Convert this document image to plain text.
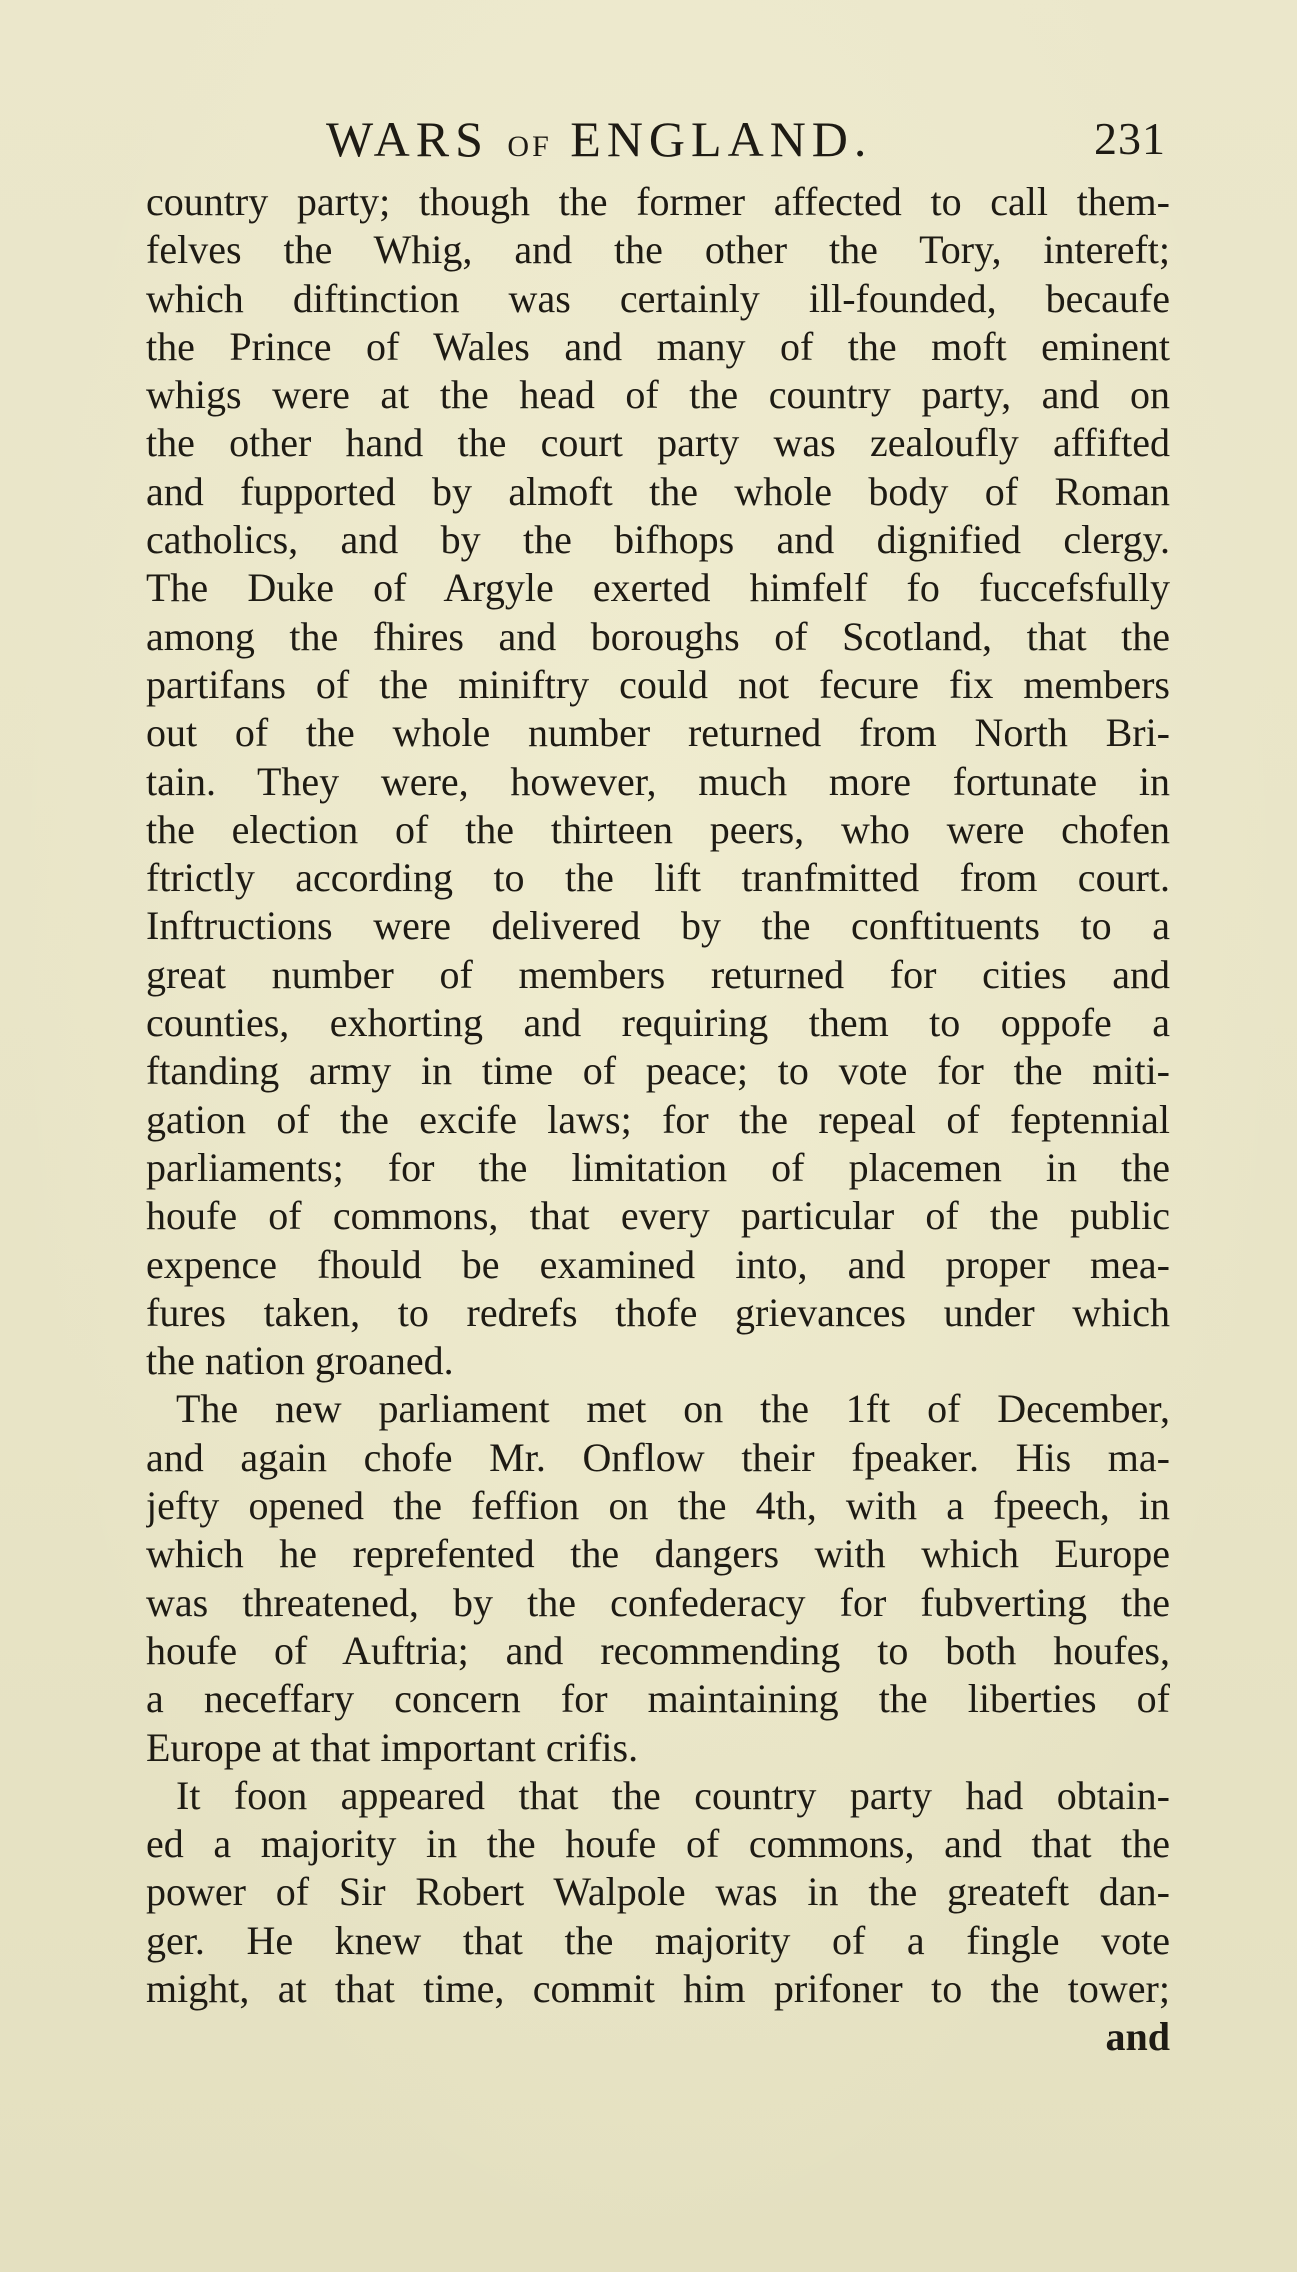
WARS OF ENGLAND.	231
country party; though the former affected to call them-
felves the Whig, and the other the Tory, intereft;
which diftinction was certainly ill-founded, becaufe
the Prince of Wales and many of the moft eminent
whigs were at the head of the country party, and on
the other hand the court party was zealoufly affifted
and fupported by almoft the whole body of Roman
catholics, and by the bifhops and dignified clergy.
The Duke of Argyle exerted himfelf fo fuccefsfully
among the fhires and boroughs of Scotland, that the
partifans of the miniftry could not fecure fix members
out of the whole number returned from North Bri-
tain. They were, however, much more fortunate in
the election of the thirteen peers, who were chofen
ftrictly according to the lift tranfmitted from court.
Inftructions were delivered by the conftituents to a
great number of members returned for cities and
counties, exhorting and requiring them to oppofe a
ftanding army in time of peace; to vote for the miti-
gation of the excife laws; for the repeal of feptennial
parliaments; for the limitation of placemen in the
houfe of commons, that every particular of the public
expence fhould be examined into, and proper mea-
fures taken, to redrefs thofe grievances under which
the nation groaned.
The new parliament met on the 1ft of December,
and again chofe Mr. Onflow their fpeaker. His ma-
jefty opened the feffion on the 4th, with a fpeech, in
which he reprefented the dangers with which Europe
was threatened, by the confederacy for fubverting the
houfe of Auftria; and recommending to both houfes,
a neceffary concern for maintaining the liberties of
Europe at that important crifis.
It foon appeared that the country party had obtain-
ed a majority in the houfe of commons, and that the
power of Sir Robert Walpole was in the greateft dan-
ger. He knew that the majority of a fingle vote
might, at that time, commit him prifoner to the tower;
and
